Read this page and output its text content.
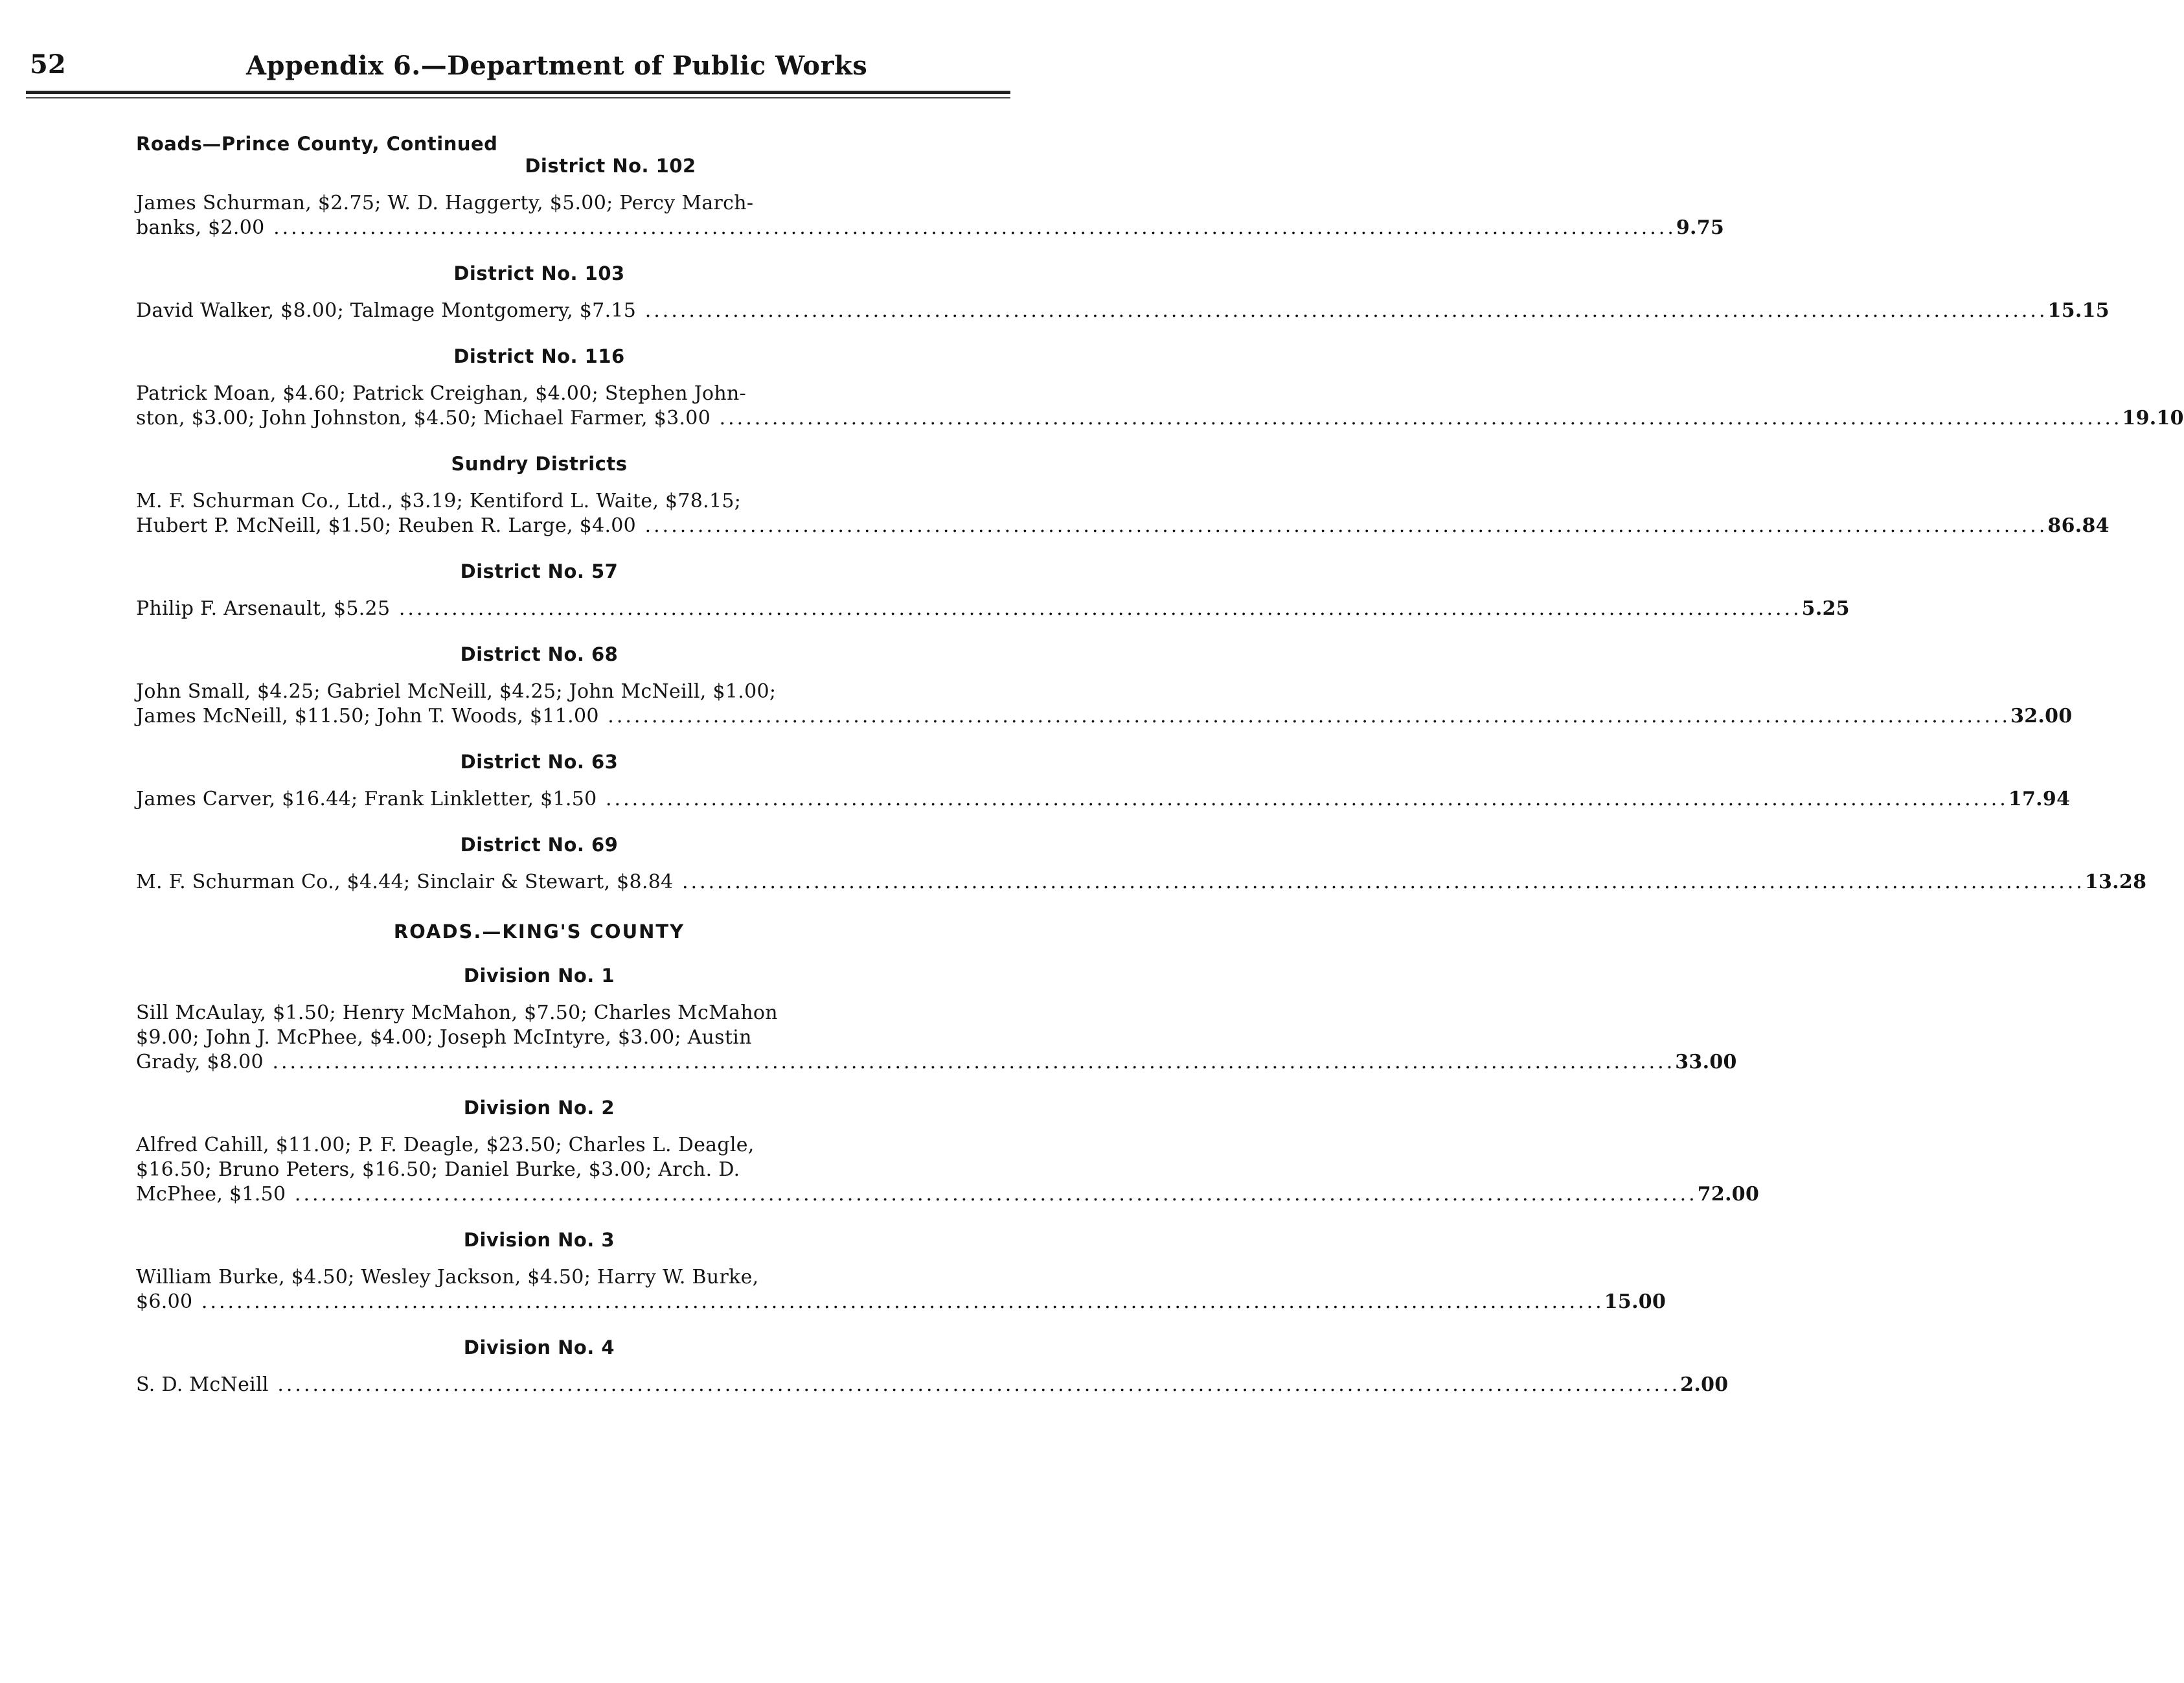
52	Appendix 6.—Department of Public Works

Roads—Prince County, Continued

District No. 102

James Schurman, $2.75; W. D. Haggerty, $5.00; Percy March-
banks, $2.00 ................................................................................................................................................................ 9.75

District No. 103

David Walker, $8.00; Talmage Montgomery, $7.15 ................................................................................................................................................................ 15.15

District No. 116

Patrick Moan, $4.60; Patrick Creighan, $4.00; Stephen John-
ston, $3.00; John Johnston, $4.50; Michael Farmer, $3.00 ................................................................................................................................................................ 19.10

Sundry Districts

M. F. Schurman Co., Ltd., $3.19; Kentiford L. Waite, $78.15;
Hubert P. McNeill, $1.50; Reuben R. Large, $4.00 ................................................................................................................................................................ 86.84

District No. 57

Philip F. Arsenault, $5.25 ................................................................................................................................................................ 5.25

District No. 68

John Small, $4.25; Gabriel McNeill, $4.25; John McNeill, $1.00;
James McNeill, $11.50; John T. Woods, $11.00 ................................................................................................................................................................ 32.00

District No. 63

James Carver, $16.44; Frank Linkletter, $1.50 ................................................................................................................................................................ 17.94

District No. 69

M. F. Schurman Co., $4.44; Sinclair & Stewart, $8.84 ................................................................................................................................................................ 13.28

ROADS.—KING'S COUNTY

Division No. 1

Sill McAulay, $1.50; Henry McMahon, $7.50; Charles McMahon
$9.00; John J. McPhee, $4.00; Joseph McIntyre, $3.00; Austin
Grady, $8.00 ................................................................................................................................................................ 33.00

Division No. 2

Alfred Cahill, $11.00; P. F. Deagle, $23.50; Charles L. Deagle,
$16.50; Bruno Peters, $16.50; Daniel Burke, $3.00; Arch. D.
McPhee, $1.50 ................................................................................................................................................................ 72.00

Division No. 3

William Burke, $4.50; Wesley Jackson, $4.50; Harry W. Burke,
$6.00 ................................................................................................................................................................ 15.00

Division No. 4

S. D. McNeill ................................................................................................................................................................ 2.00
